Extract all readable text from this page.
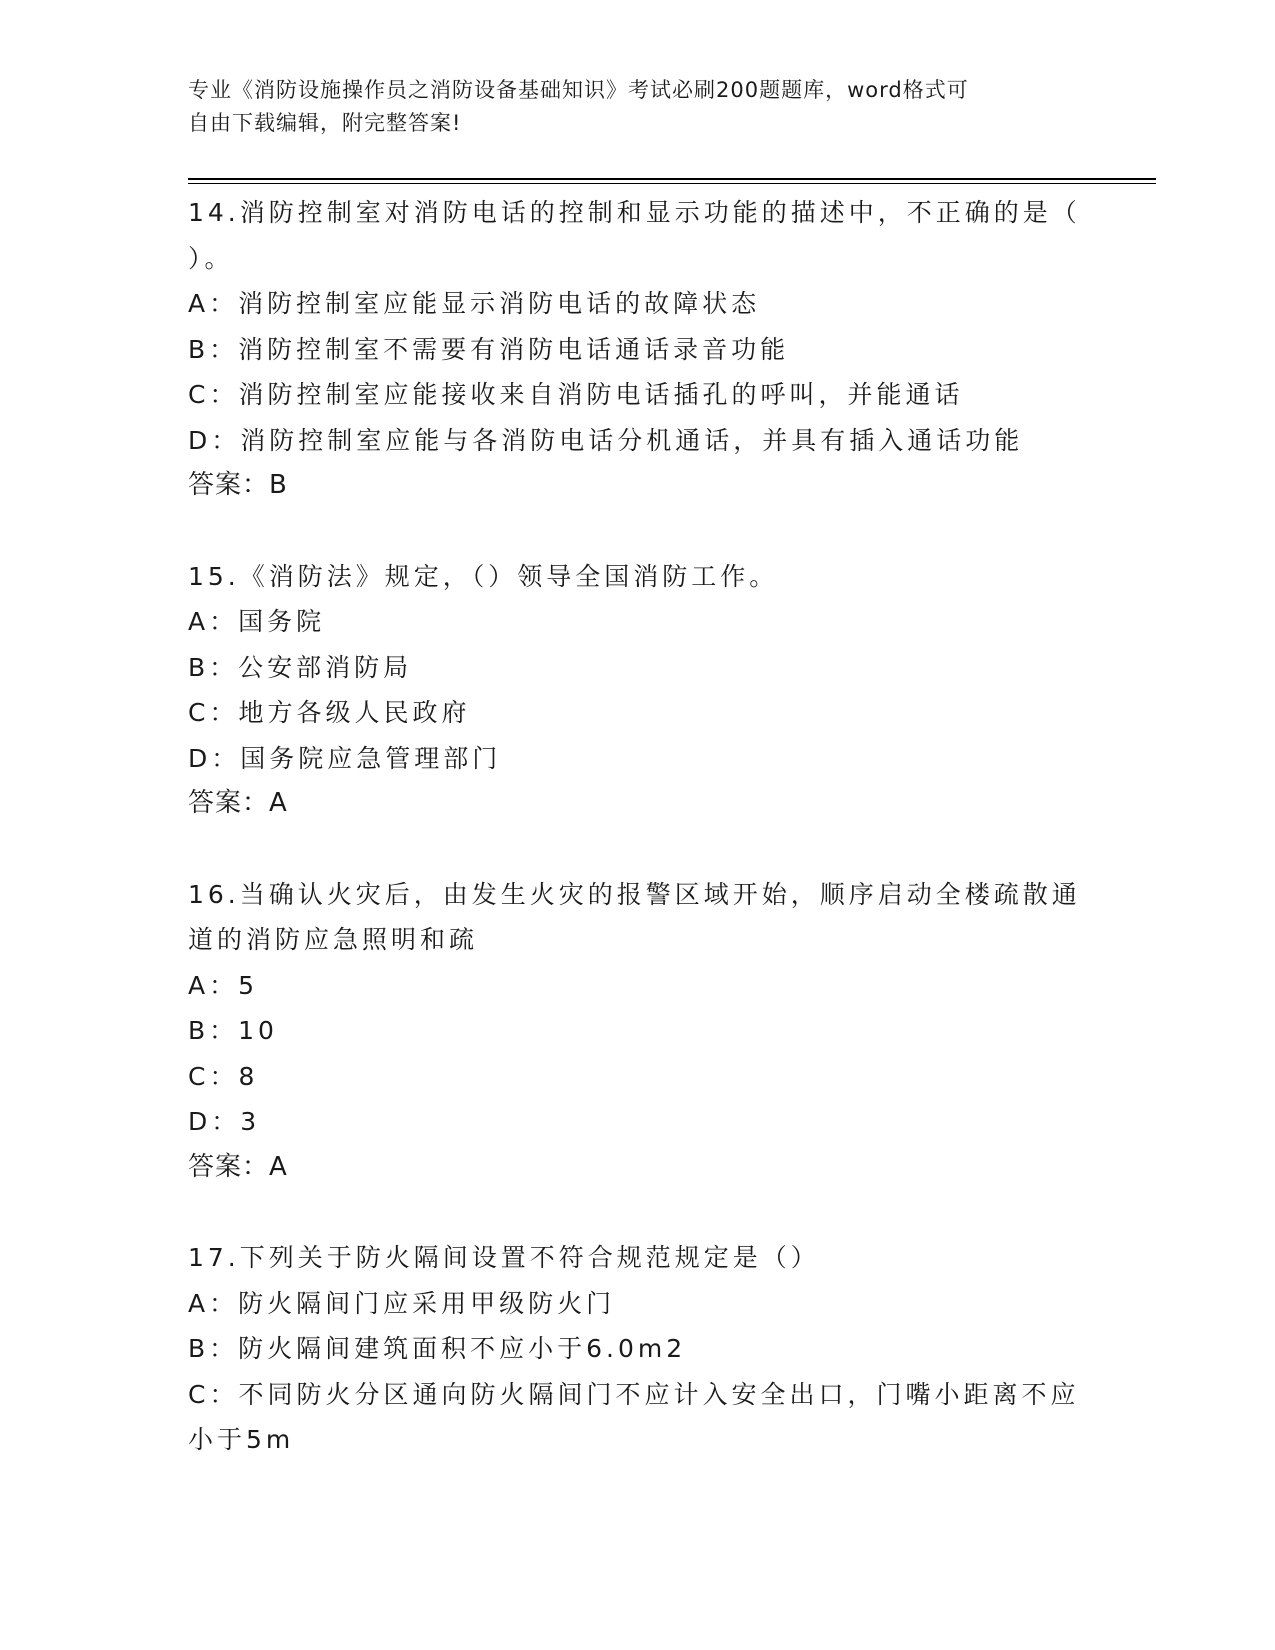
专业《消防设施操作员之消防设备基础知识》考试必刷200题题库，word格式可
自由下载编辑，附完整答案!
14.消防控制室对消防电话的控制和显示功能的描述中，不正确的是（
）。
A：消防控制室应能显示消防电话的故障状态
B：消防控制室不需要有消防电话通话录音功能
C：消防控制室应能接收来自消防电话插孔的呼叫，并能通话
D：消防控制室应能与各消防电话分机通话，并具有插入通话功能
答案：B
15.《消防法》规定，（）领导全国消防工作。
A：国务院
B：公安部消防局
C：地方各级人民政府
D：国务院应急管理部门
答案：A
16.当确认火灾后，由发生火灾的报警区域开始，顺序启动全楼疏散通
道的消防应急照明和疏
A：5
B：10
C：8
D：3
答案：A
17.下列关于防火隔间设置不符合规范规定是（）
A：防火隔间门应采用甲级防火门
B：防火隔间建筑面积不应小于6.0m2
C：不同防火分区通向防火隔间门不应计入安全出口，门嘴小距离不应
小于5m
